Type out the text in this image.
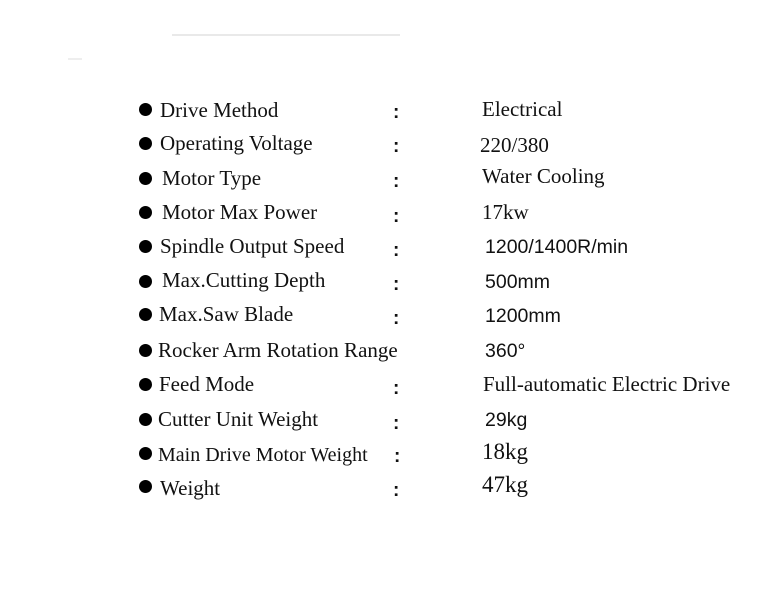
Drive Method	:	Electrical
Operating Voltage	:	220/380
Motor Type	:	Water Cooling
Motor Max Power	:	17kw
Spindle Output Speed	:	1200/1400R/min
Max.Cutting Depth	:	500mm
Max.Saw Blade	:	1200mm
Rocker Arm Rotation Range	360°
Feed Mode	:	Full-automatic Electric Drive
Cutter Unit Weight	:	29kg
Main Drive Motor Weight :	18kg
Weight	:	47kg
